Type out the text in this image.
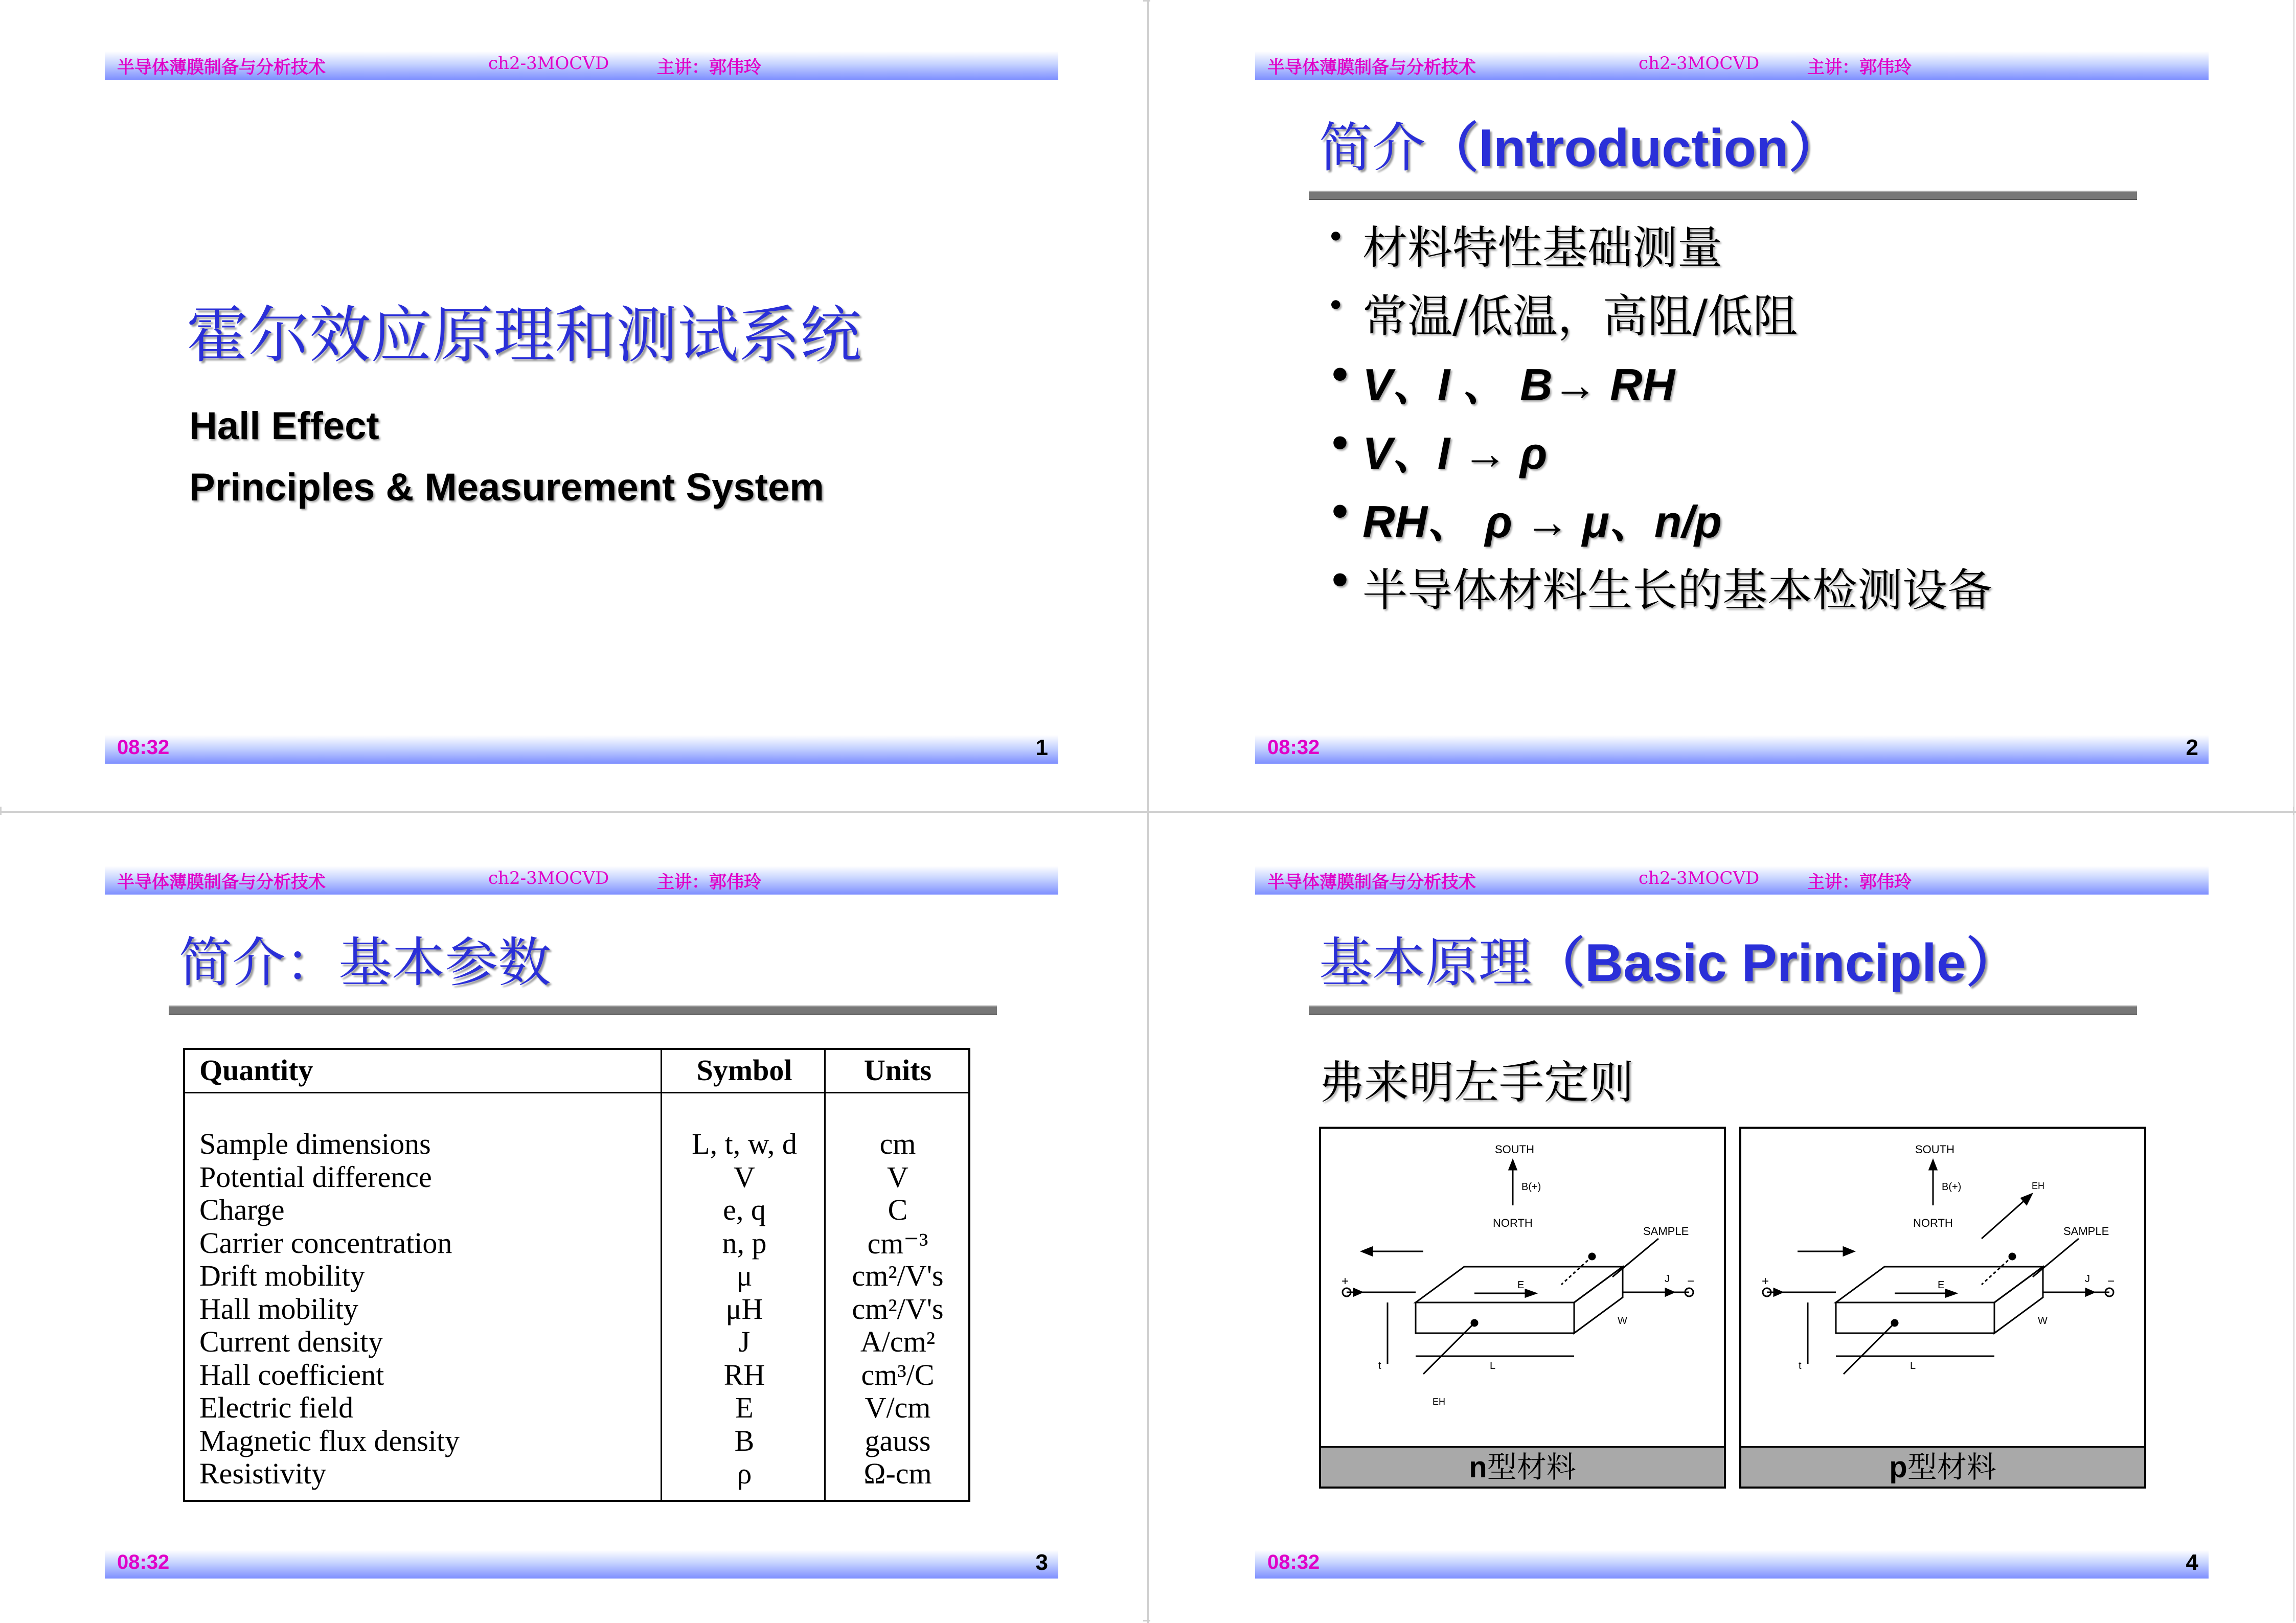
半导体薄膜制备与分析技术	ch2-3MOCVD	主讲：郭伟玲
霍尔效应原理和测试系统
Hall Effect
Principles & Measurement System
08:32	1
半导体薄膜制备与分析技术	ch2-3MOCVD	主讲：郭伟玲
简介（Introduction）
• 材料特性基础测量
• 常温/低温，高阻/低阻
• V、I 、 B→ RH
• V、I → ρ
• RH、 ρ → μ、n/p
• 半导体材料生长的基本检测设备
08:32	2
半导体薄膜制备与分析技术	ch2-3MOCVD	主讲：郭伟玲
简介：基本参数
Quantity	Symbol	Units
Sample dimensions	L, t, w, d	cm
Potential difference	V	V
Charge	e, q	C
Carrier concentration	n, p	cm⁻³
Drift mobility	μ	cm²/V's
Hall mobility	μH	cm²/V's
Current density	J	A/cm²
Hall coefficient	RH	cm³/C
Electric field	E	V/cm
Magnetic flux density	B	gauss
Resistivity	ρ	Ω-cm
08:32	3
半导体薄膜制备与分析技术	ch2-3MOCVD	主讲：郭伟玲
基本原理（Basic Principle）
弗来明左手定则
SOUTH
B(+)
NORTH
SAMPLE
+	−
E
J
W
L
t
EH
n型材料
SOUTH
B(+)
NORTH
SAMPLE
+	−
E
J
W
L
t
EH
p型材料
08:32	4
